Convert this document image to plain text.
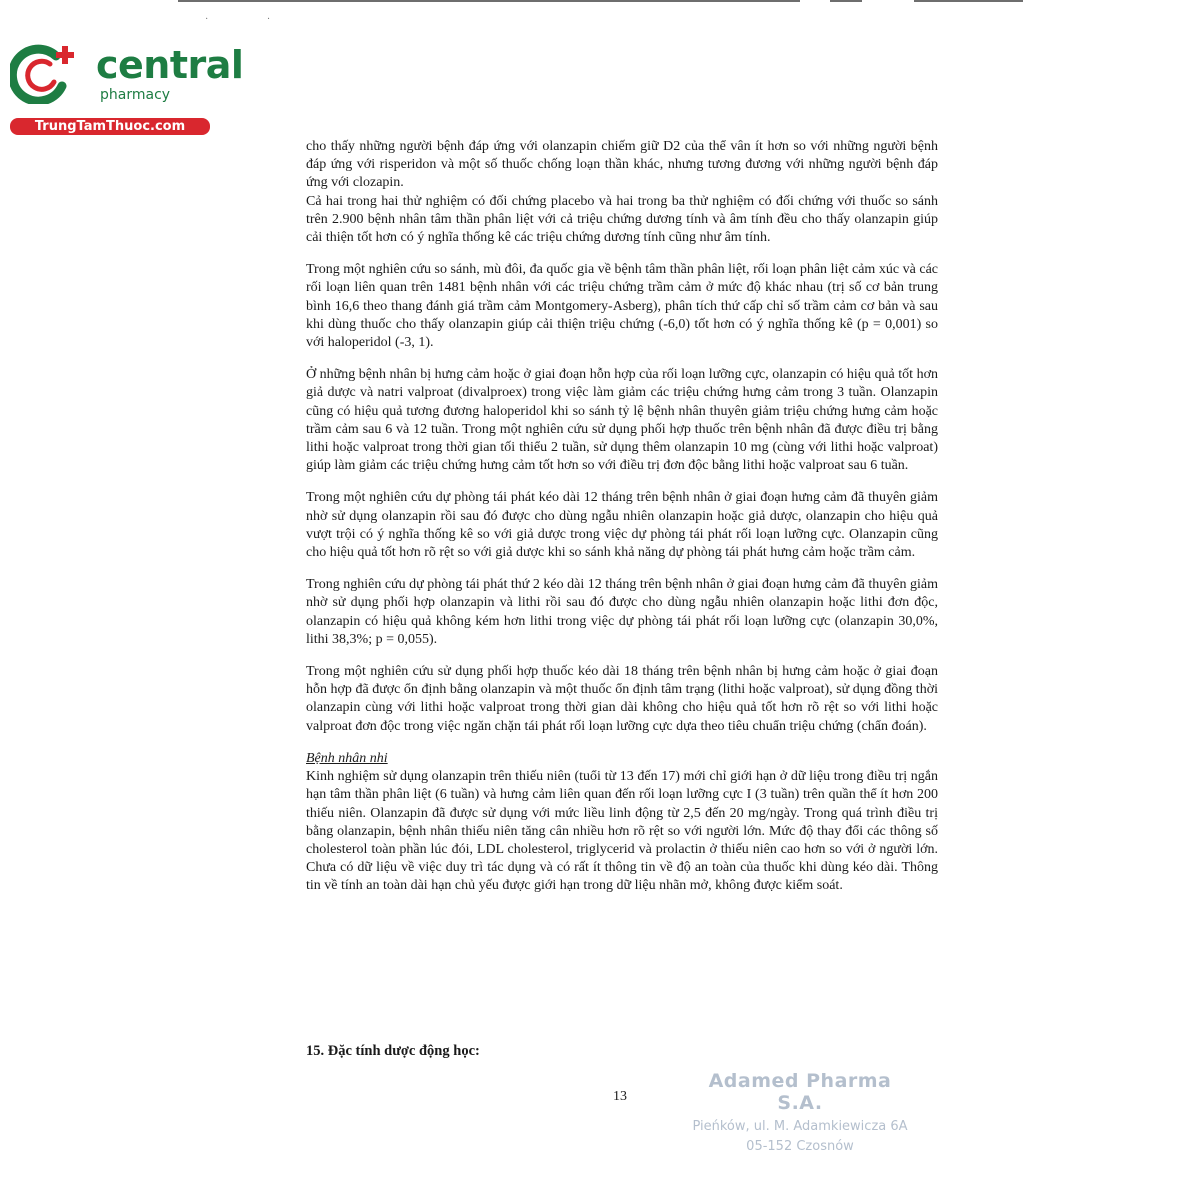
· ·
central
pharmacy
TrungTamThuoc.com

cho thấy những người bệnh đáp ứng với olanzapin chiếm giữ D2 của thể vân ít hơn so với những người bệnh đáp ứng với risperidon và một số thuốc chống loạn thần khác, nhưng tương đương với những người bệnh đáp ứng với clozapin.

Cả hai trong hai thử nghiệm có đối chứng placebo và hai trong ba thử nghiệm có đối chứng với thuốc so sánh trên 2.900 bệnh nhân tâm thần phân liệt với cả triệu chứng dương tính và âm tính đều cho thấy olanzapin giúp cải thiện tốt hơn có ý nghĩa thống kê các triệu chứng dương tính cũng như âm tính.

Trong một nghiên cứu so sánh, mù đôi, đa quốc gia về bệnh tâm thần phân liệt, rối loạn phân liệt cảm xúc và các rối loạn liên quan trên 1481 bệnh nhân với các triệu chứng trầm cảm ở mức độ khác nhau (trị số cơ bản trung bình 16,6 theo thang đánh giá trầm cảm Montgomery-Asberg), phân tích thứ cấp chỉ số trầm cảm cơ bản và sau khi dùng thuốc cho thấy olanzapin giúp cải thiện triệu chứng (-6,0) tốt hơn có ý nghĩa thống kê (p = 0,001) so với haloperidol (-3, 1).

Ở những bệnh nhân bị hưng cảm hoặc ở giai đoạn hỗn hợp của rối loạn lưỡng cực, olanzapin có hiệu quả tốt hơn giả dược và natri valproat (divalproex) trong việc làm giảm các triệu chứng hưng cảm trong 3 tuần. Olanzapin cũng có hiệu quả tương đương haloperidol khi so sánh tỷ lệ bệnh nhân thuyên giảm triệu chứng hưng cảm hoặc trầm cảm sau 6 và 12 tuần. Trong một nghiên cứu sử dụng phối hợp thuốc trên bệnh nhân đã được điều trị bằng lithi hoặc valproat trong thời gian tối thiểu 2 tuần, sử dụng thêm olanzapin 10 mg (cùng với lithi hoặc valproat) giúp làm giảm các triệu chứng hưng cảm tốt hơn so với điều trị đơn độc bằng lithi hoặc valproat sau 6 tuần.

Trong một nghiên cứu dự phòng tái phát kéo dài 12 tháng trên bệnh nhân ở giai đoạn hưng cảm đã thuyên giảm nhờ sử dụng olanzapin rồi sau đó được cho dùng ngẫu nhiên olanzapin hoặc giả dược, olanzapin cho hiệu quả vượt trội có ý nghĩa thống kê so với giả dược trong việc dự phòng tái phát rối loạn lưỡng cực. Olanzapin cũng cho hiệu quả tốt hơn rõ rệt so với giả dược khi so sánh khả năng dự phòng tái phát hưng cảm hoặc trầm cảm.

Trong nghiên cứu dự phòng tái phát thứ 2 kéo dài 12 tháng trên bệnh nhân ở giai đoạn hưng cảm đã thuyên giảm nhờ sử dụng phối hợp olanzapin và lithi rồi sau đó được cho dùng ngẫu nhiên olanzapin hoặc lithi đơn độc, olanzapin có hiệu quả không kém hơn lithi trong việc dự phòng tái phát rối loạn lưỡng cực (olanzapin 30,0%, lithi 38,3%; p = 0,055).

Trong một nghiên cứu sử dụng phối hợp thuốc kéo dài 18 tháng trên bệnh nhân bị hưng cảm hoặc ở giai đoạn hỗn hợp đã được ổn định bằng olanzapin và một thuốc ổn định tâm trạng (lithi hoặc valproat), sử dụng đồng thời olanzapin cùng với lithi hoặc valproat trong thời gian dài không cho hiệu quả tốt hơn rõ rệt so với lithi hoặc valproat đơn độc trong việc ngăn chặn tái phát rối loạn lưỡng cực dựa theo tiêu chuẩn triệu chứng (chẩn đoán).

Bệnh nhân nhi
Kinh nghiệm sử dụng olanzapin trên thiếu niên (tuổi từ 13 đến 17) mới chỉ giới hạn ở dữ liệu trong điều trị ngắn hạn tâm thần phân liệt (6 tuần) và hưng cảm liên quan đến rối loạn lưỡng cực I (3 tuần) trên quần thể ít hơn 200 thiếu niên. Olanzapin đã được sử dụng với mức liều linh động từ 2,5 đến 20 mg/ngày. Trong quá trình điều trị bằng olanzapin, bệnh nhân thiếu niên tăng cân nhiều hơn rõ rệt so với người lớn. Mức độ thay đổi các thông số cholesterol toàn phần lúc đói, LDL cholesterol, triglycerid và prolactin ở thiếu niên cao hơn so với ở người lớn. Chưa có dữ liệu về việc duy trì tác dụng và có rất ít thông tin về độ an toàn của thuốc khi dùng kéo dài. Thông tin về tính an toàn dài hạn chủ yếu được giới hạn trong dữ liệu nhãn mở, không được kiểm soát.

15. Đặc tính dược động học:
13
Adamed Pharma S.A.
Pieńków, ul. M. Adamkiewicza 6A
05-152 Czosnów
